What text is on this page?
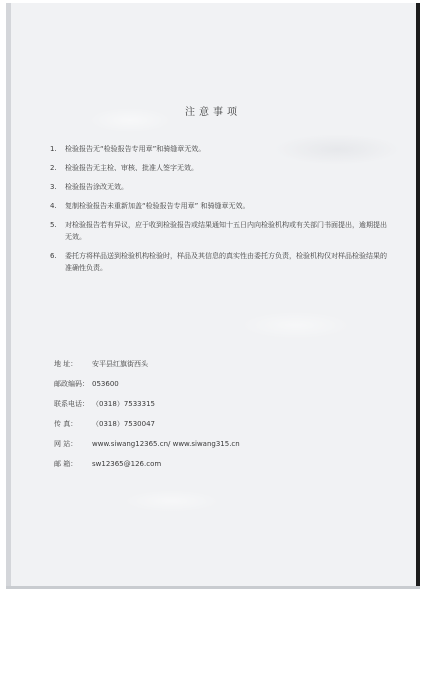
注意事项
1. 检验报告无“检验报告专用章”和骑缝章无效。
2. 检验报告无主检、审核、批准人签字无效。
3. 检验报告涂改无效。
4. 复制检验报告未重新加盖“检验报告专用章” 和骑缝章无效。
5. 对检验报告若有异议，应于收到检验报告或结果通知十五日内向检验机构或有关部门书面提出，逾期提出无效。
6. 委托方将样品送到检验机构检验时，样品及其信息的真实性由委托方负责，检验机构仅对样品检验结果的准确性负责。
地 址： 安平县红旗街西头
邮政编码： 053600
联系电话： （0318）7533315
传 真： （0318）7530047
网 站： www.siwang12365.cn/ www.siwang315.cn
邮 箱： sw12365@126.com
